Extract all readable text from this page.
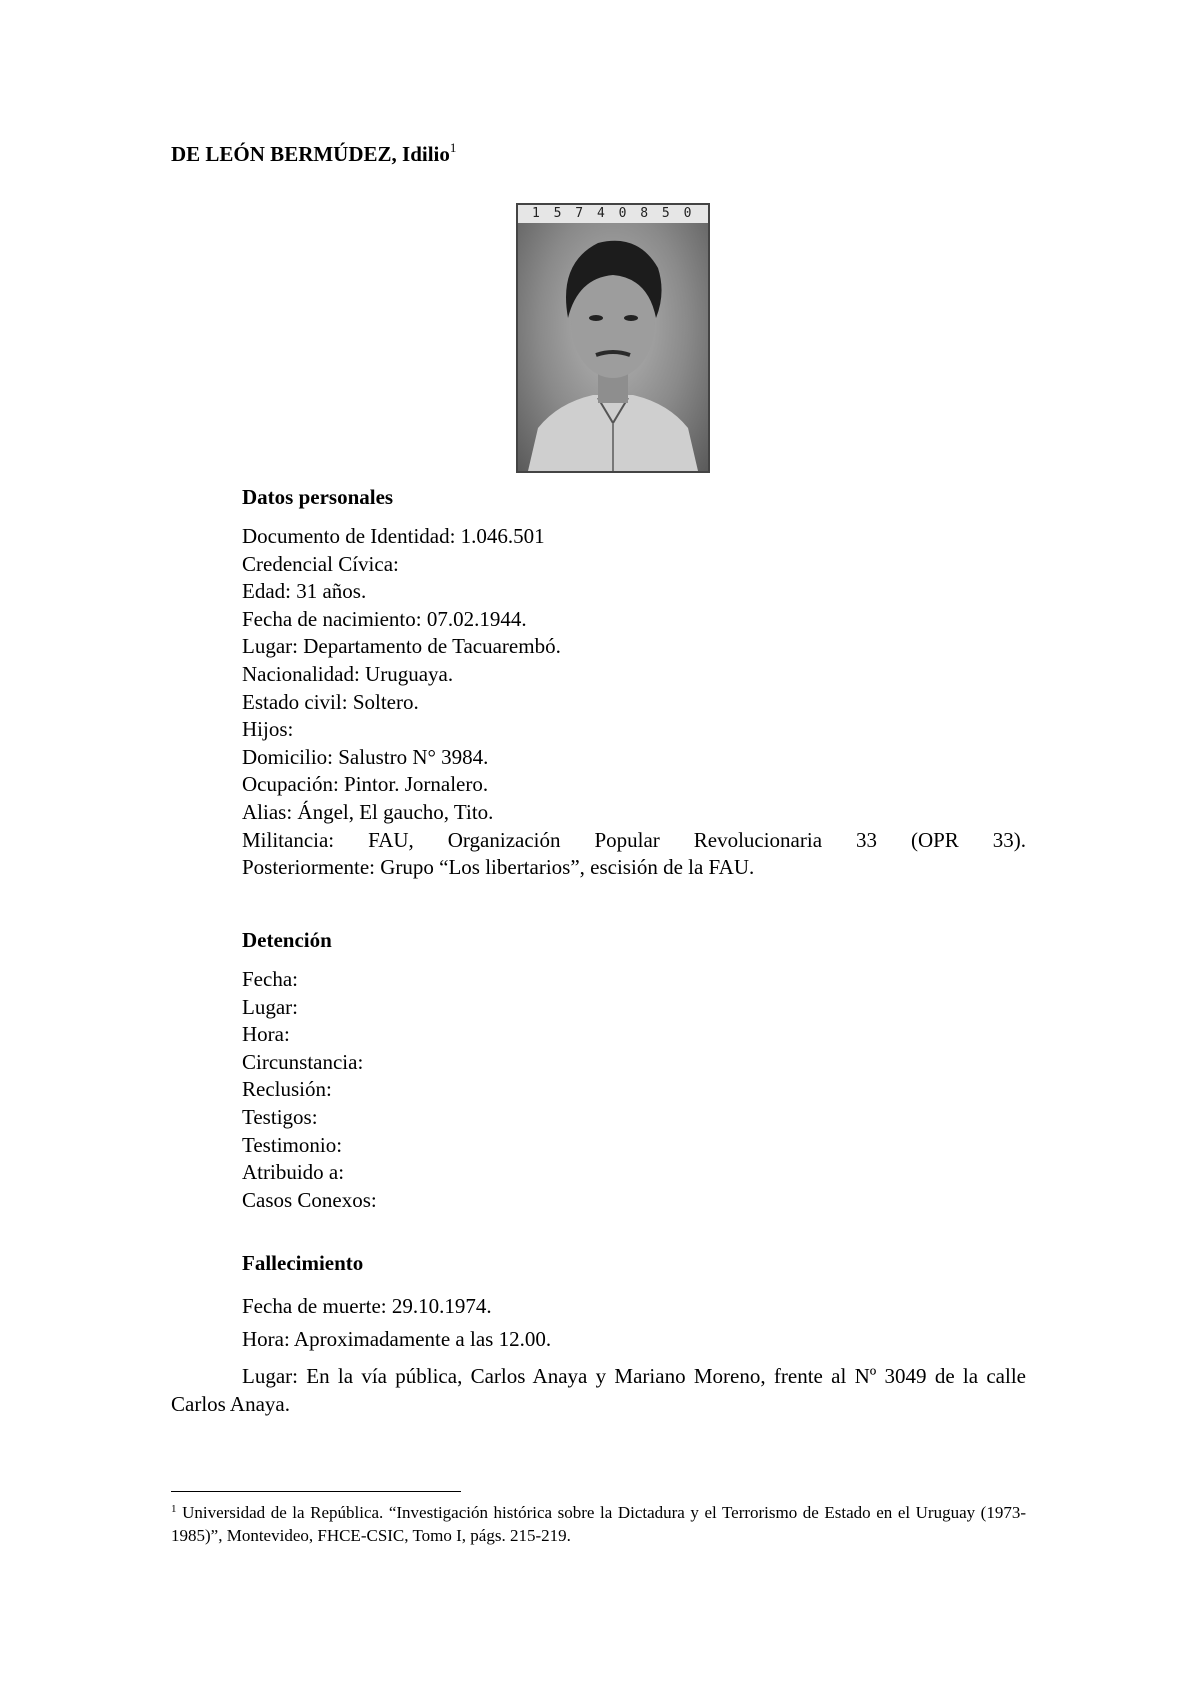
DE LEÓN BERMÚDEZ, Idilio$^1$
1 5 7 4 0 8 5 0
Datos personales
Documento de Identidad: 1.046.501
Credencial Cívica:
Edad: 31 años.
Fecha de nacimiento: 07.02.1944.
Lugar: Departamento de Tacuarembó.
Nacionalidad: Uruguaya.
Estado civil: Soltero.
Hijos:
Domicilio: Salustro N° 3984.
Ocupación: Pintor. Jornalero.
Alias: Ángel, El gaucho, Tito.
Militancia: FAU, Organización Popular Revolucionaria 33 (OPR 33).
Posteriormente: Grupo “Los libertarios”, escisión de la FAU.
Detención
Fecha:
Lugar:
Hora:
Circunstancia:
Reclusión:
Testigos:
Testimonio:
Atribuido a:
Casos Conexos:
Fallecimiento
Fecha de muerte: 29.10.1974.
Hora: Aproximadamente a las 12.00.
Lugar: En la vía pública, Carlos Anaya y Mariano Moreno, frente al Nº 3049 de la calle Carlos Anaya.
$^1$ Universidad de la República. “Investigación histórica sobre la Dictadura y el Terrorismo de Estado en el Uruguay (1973-1985)”, Montevideo, FHCE-CSIC, Tomo I, págs. 215-219.
